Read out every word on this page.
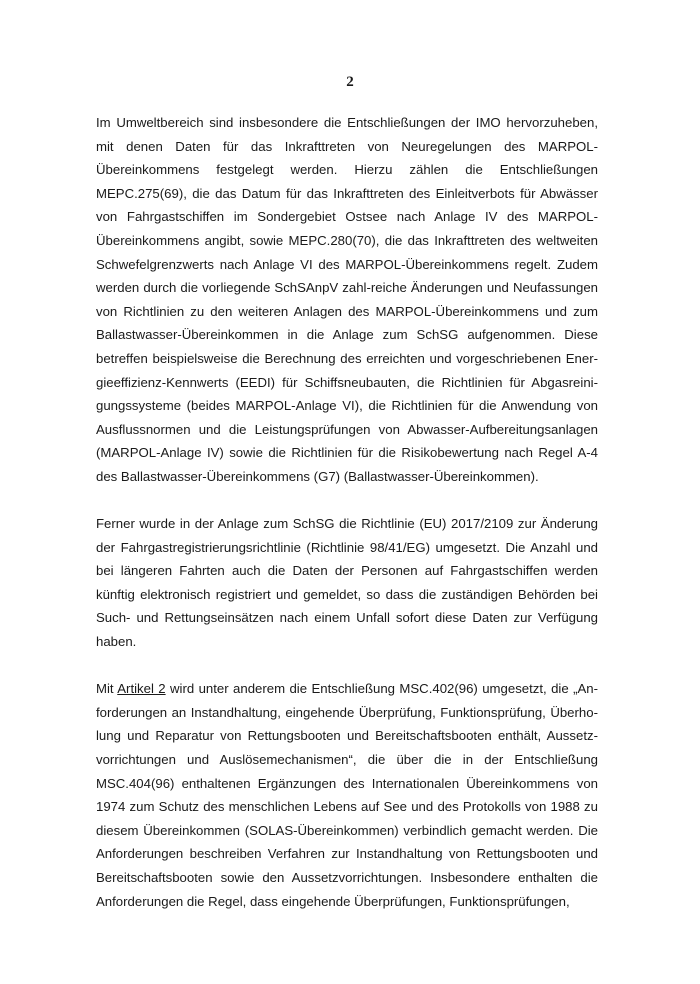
2

Im Umweltbereich sind insbesondere die Entschließungen der IMO hervorzuheben, mit denen Daten für das Inkrafttreten von Neuregelungen des MARPOL-Übereinkommens festgelegt werden. Hierzu zählen die Entschließungen MEPC.275(69), die das Datum für das Inkrafttreten des Einleitverbots für Abwässer von Fahrgastschiffen im Sondergebiet Ostsee nach Anlage IV des MARPOL-Übereinkommens angibt, sowie MEPC.280(70), die das Inkrafttreten des weltweiten Schwefelgrenzwerts nach Anlage VI des MARPOL-Übereinkommens regelt. Zudem werden durch die vorliegende SchSAnpV zahl-reiche Änderungen und Neufassungen von Richtlinien zu den weiteren Anlagen des MARPOL-Übereinkommens und zum Ballastwasser-Übereinkommen in die Anlage zum SchSG aufgenommen. Diese betreffen beispielsweise die Berechnung des erreichten und vorgeschriebenen Energieeffizienz-Kennwerts (EEDI) für Schiffsneubauten, die Richtlinien für Abgasreinigungssysteme (beides MARPOL-Anlage VI), die Richtlinien für die Anwendung von Ausflussnormen und die Leistungsprüfungen von Abwasser-Aufbereitungsanlagen (MARPOL-Anlage IV) sowie die Richtlinien für die Risikobewertung nach Regel A-4 des Ballastwasser-Übereinkommens (G7) (Ballastwasser-Übereinkommen).

Ferner wurde in der Anlage zum SchSG die Richtlinie (EU) 2017/2109 zur Änderung der Fahrgastregistrierungsrichtlinie (Richtlinie 98/41/EG) umgesetzt. Die Anzahl und bei längeren Fahrten auch die Daten der Personen auf Fahrgastschiffen werden künftig elektronisch registriert und gemeldet, so dass die zuständigen Behörden bei Such- und Rettungseinsätzen nach einem Unfall sofort diese Daten zur Verfügung haben.

Mit Artikel 2 wird unter anderem die Entschließung MSC.402(96) umgesetzt, die „Anforderungen an Instandhaltung, eingehende Überprüfung, Funktionsprüfung, Überholung und Reparatur von Rettungsbooten und Bereitschaftsbooten enthält, Aussetzvorrichtungen und Auslösemechanismen“, die über die in der Entschließung MSC.404(96) enthaltenen Ergänzungen des Internationalen Übereinkommens von 1974 zum Schutz des menschlichen Lebens auf See und des Protokolls von 1988 zu diesem Übereinkommen (SOLAS-Übereinkommen) verbindlich gemacht werden. Die Anforderungen beschreiben Verfahren zur Instandhaltung von Rettungsbooten und Bereitschaftsbooten sowie den Aussetzvorrichtungen. Insbesondere enthalten die Anforderungen die Regel, dass eingehende Überprüfungen, Funktionsprüfungen,
